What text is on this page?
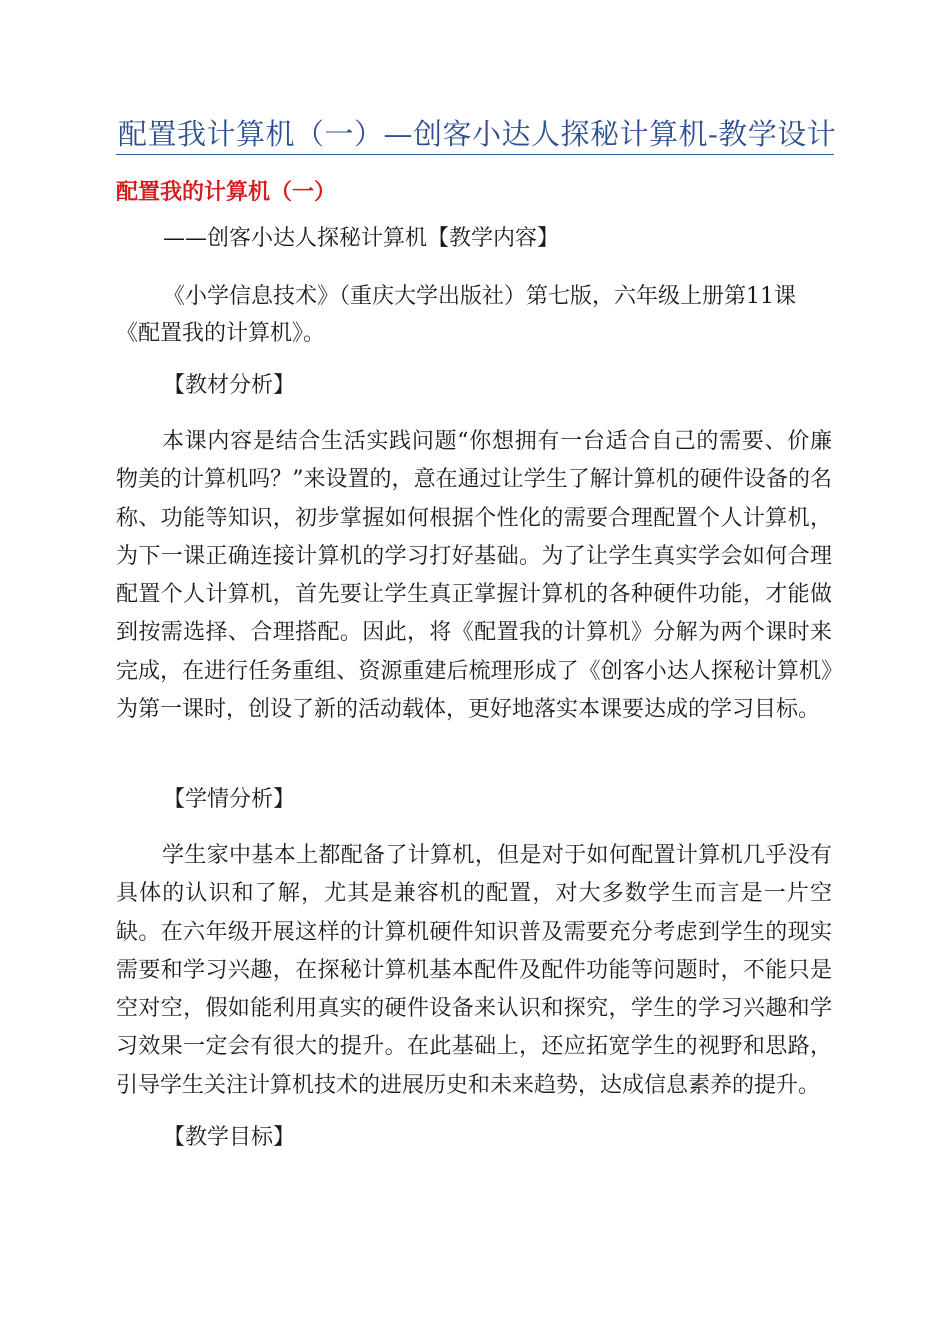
配置我计算机（一）—创客小达人探秘计算机-教学设计
配置我的计算机（一）
——创客小达人探秘计算机【教学内容】
《小学信息技术》（重庆大学出版社）第七版，六年级上册第11课
《配置我的计算机》。
【教材分析】
本课内容是结合生活实践问题“你想拥有一台适合自己的需要、价廉物美的计算机吗？”来设置的，意在通过让学生了解计算机的硬件设备的名称、功能等知识，初步掌握如何根据个性化的需要合理配置个人计算机，为下一课正确连接计算机的学习打好基础。为了让学生真实学会如何合理配置个人计算机，首先要让学生真正掌握计算机的各种硬件功能，才能做到按需选择、合理搭配。因此，将《配置我的计算机》分解为两个课时来完成，在进行任务重组、资源重建后梳理形成了《创客小达人探秘计算机》为第一课时，创设了新的活动载体，更好地落实本课要达成的学习目标。
【学情分析】
学生家中基本上都配备了计算机，但是对于如何配置计算机几乎没有具体的认识和了解，尤其是兼容机的配置，对大多数学生而言是一片空缺。在六年级开展这样的计算机硬件知识普及需要充分考虑到学生的现实需要和学习兴趣，在探秘计算机基本配件及配件功能等问题时，不能只是空对空，假如能利用真实的硬件设备来认识和探究，学生的学习兴趣和学习效果一定会有很大的提升。在此基础上，还应拓宽学生的视野和思路，引导学生关注计算机技术的进展历史和未来趋势，达成信息素养的提升。
【教学目标】
